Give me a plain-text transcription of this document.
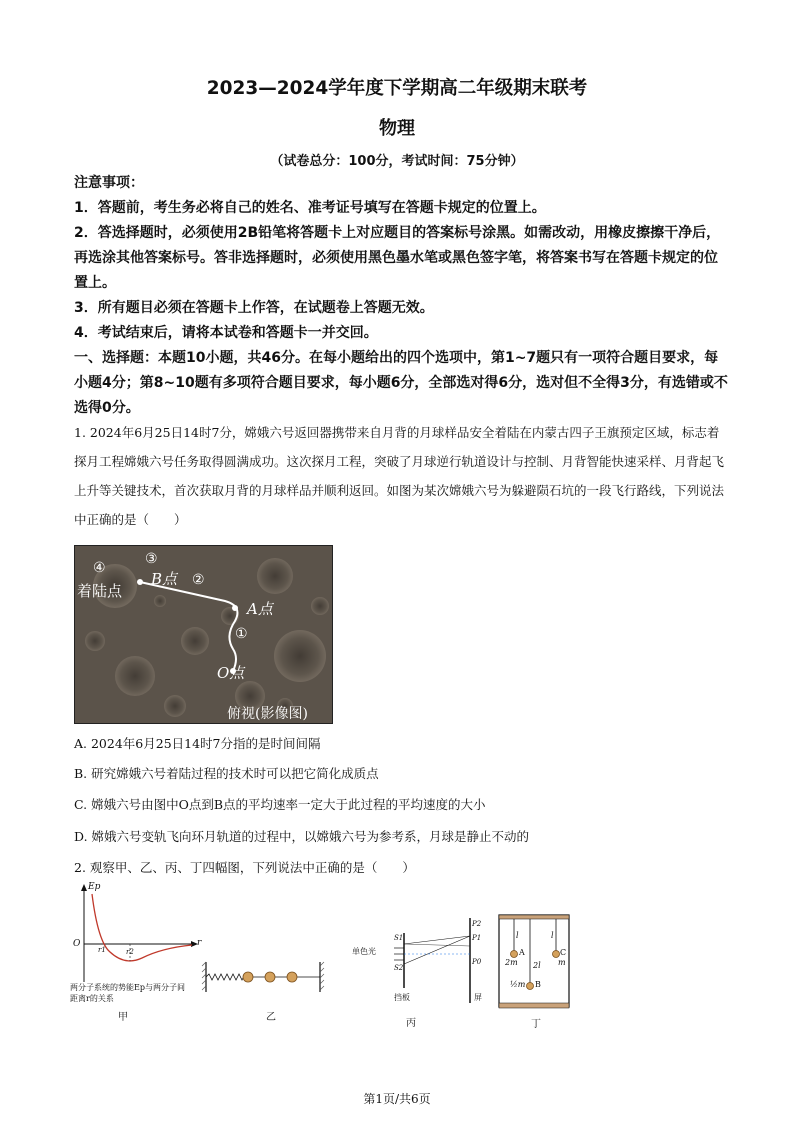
2023—2024学年度下学期高二年级期末联考
物理
（试卷总分：100分，考试时间：75分钟）
注意事项：
1．答题前，考生务必将自己的姓名、准考证号填写在答题卡规定的位置上。
2．答选择题时，必须使用2B铅笔将答题卡上对应题目的答案标号涂黑。如需改动，用橡皮擦擦干净后，再选涂其他答案标号。答非选择题时，必须使用黑色墨水笔或黑色签字笔，将答案书写在答题卡规定的位置上。
3．所有题目必须在答题卡上作答，在试题卷上答题无效。
4．考试结束后，请将本试卷和答题卡一并交回。
一、选择题：本题10小题，共46分。在每小题给出的四个选项中，第1~7题只有一项符合题目要求，每小题4分；第8~10题有多项符合题目要求，每小题6分，全部选对得6分，选对但不全得3分，有选错或不选得0分。
1. 2024年6月25日14时7分，嫦娥六号返回器携带来自月背的月球样品安全着陆在内蒙古四子王旗预定区域，标志着探月工程嫦娥六号任务取得圆满成功。这次探月工程，突破了月球逆行轨道设计与控制、月背智能快速采样、月背起飞上升等关键技术，首次获取月背的月球样品并顺利返回。如图为某次嫦娥六号为躲避陨石坑的一段飞行路线，下列说法中正确的是（　　）
④
着陆点
③
B点 ②
A点
①
O点
俯视(影像图)
A. 2024年6月25日14时7分指的是时间间隔
B. 研究嫦娥六号着陆过程的技术时可以把它简化成质点
C. 嫦娥六号由图中O点到B点的平均速率一定大于此过程的平均速度的大小
D. 嫦娥六号变轨飞向环月轨道的过程中，以嫦娥六号为参考系，月球是静止不动的
2. 观察甲、乙、丙、丁四幅图，下列说法中正确的是（　　）
Ep
r
O
r1	r2
两分子系统的势能Ep与两分子间距离r的关系
甲	乙
单色光
S1
S2
P2
P1
P0
挡板	屏
丙
l	l
2l
A	C
B
2m	m
½m
丁
第1页/共6页
